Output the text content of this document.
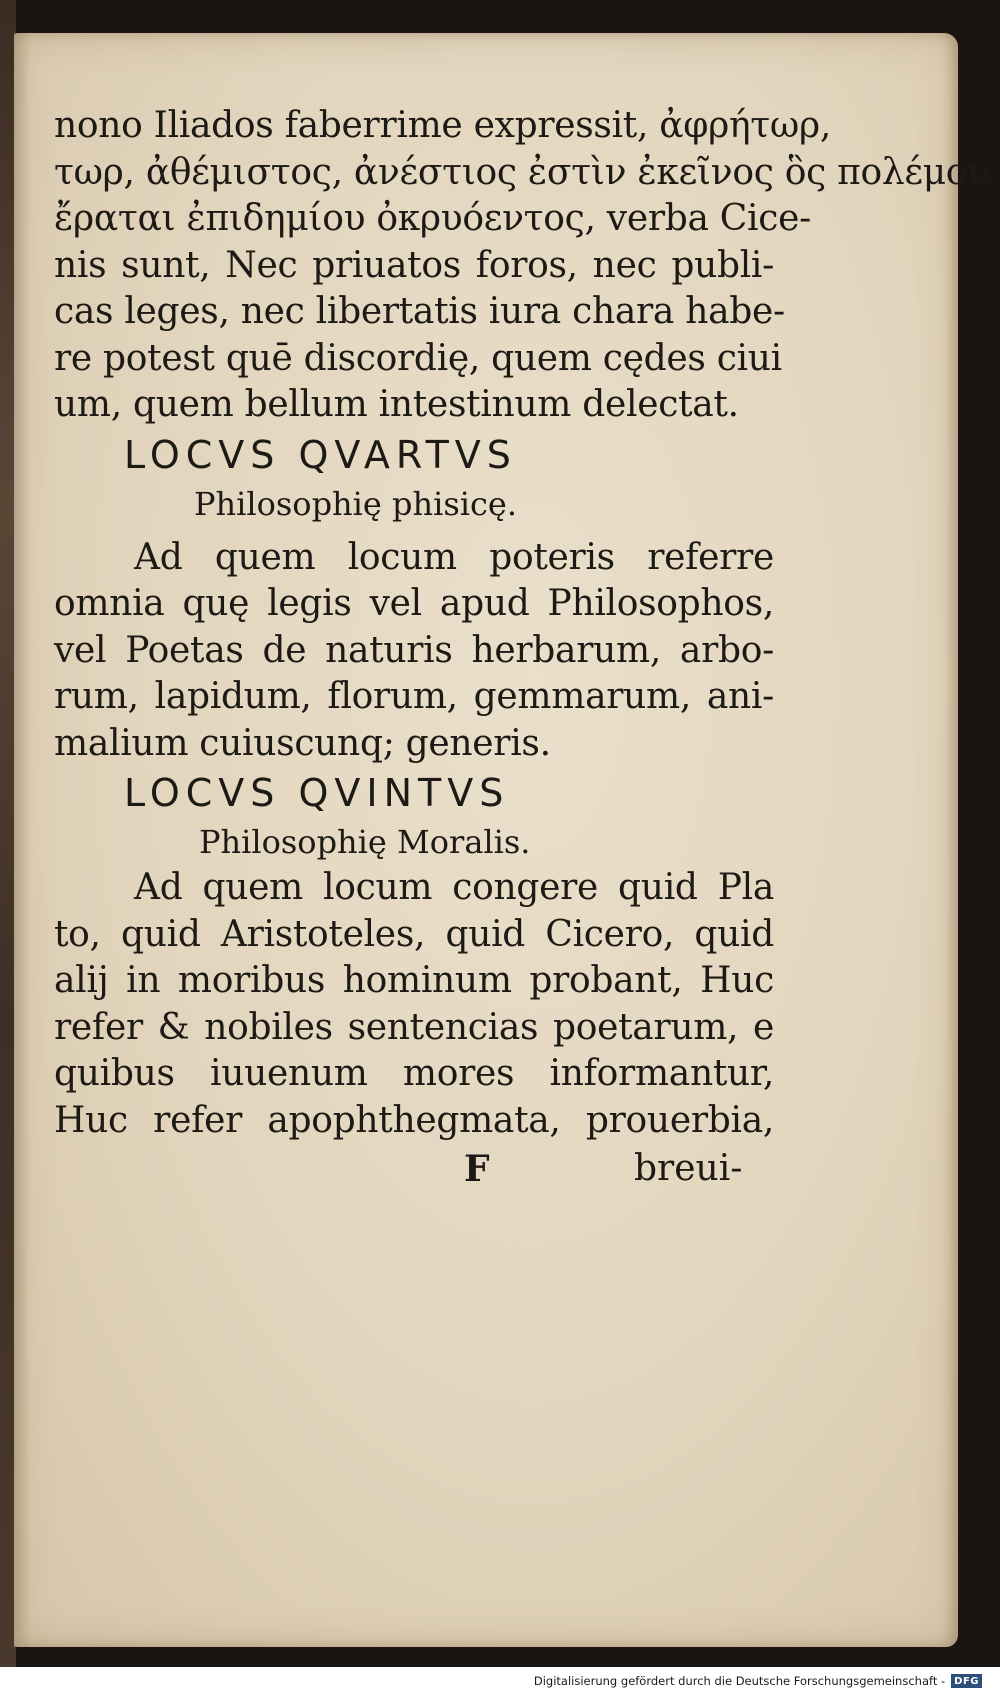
nono Iliados faberrime expressit, ἀφρήτωρ,
τωρ, ἀθέμιστος, ἀνέστιος ἐστὶν ἐκεῖνος ὃς πολέμου
ἔραται ἐπιδημίου ὀκρυόεντος, verba Cice-
nis sunt, Nec priuatos foros, nec publi-
cas leges, nec libertatis iura chara habe-
re potest quē discordię, quem cędes ciui
um, quem bellum intestinum delectat.
LOCVS QVARTVS
Philosophię phisicę.
Ad quem locum poteris referre
omnia quę legis vel apud Philosophos,
vel Poetas de naturis herbarum, arbo-
rum, lapidum, florum, gemmarum, ani-
malium cuiuscunq; generis.
LOCVS QVINTVS
Philosophię Moralis.
Ad quem locum congere quid Pla
to, quid Aristoteles, quid Cicero, quid
alij in moribus hominum probant, Huc
refer & nobiles sentencias poetarum, e
quibus iuuenum mores informantur,
Huc refer apophthegmata, prouerbia,
F	breui-
Digitalisierung gefördert durch die Deutsche Forschungsgemeinschaft - DFG
